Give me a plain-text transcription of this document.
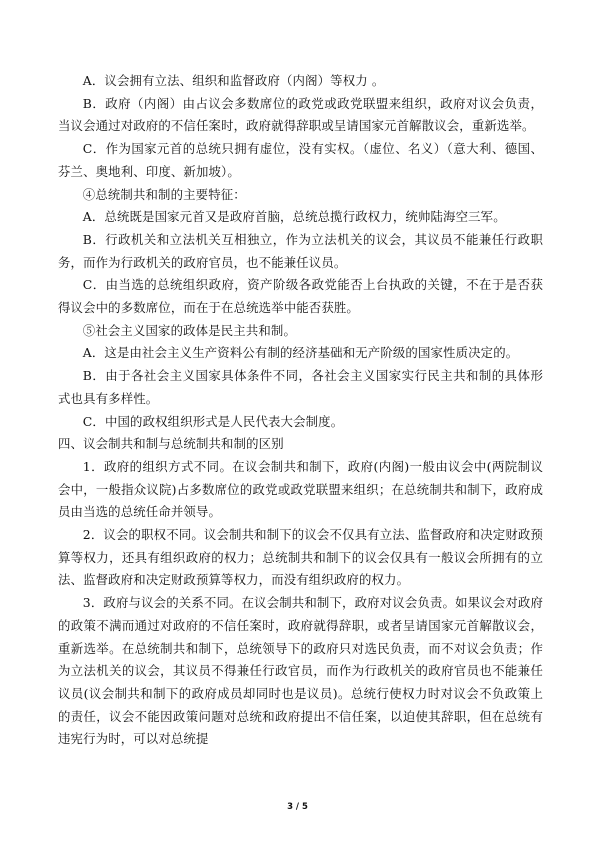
A．议会拥有立法、组织和监督政府（内阁）等权力 。

B．政府（内阁）由占议会多数席位的政党或政党联盟来组织，政府对议会负责，当议会通过对政府的不信任案时，政府就得辞职或呈请国家元首解散议会，重新选举。

C．作为国家元首的总统只拥有虚位，没有实权。（虚位、名义）（意大利、德国、芬兰、奥地利、印度、新加坡）。

④总统制共和制的主要特征：

A．总统既是国家元首又是政府首脑，总统总揽行政权力，统帅陆海空三军。

B．行政机关和立法机关互相独立，作为立法机关的议会，其议员不能兼任行政职务，而作为行政机关的政府官员，也不能兼任议员。

C．由当选的总统组织政府，资产阶级各政党能否上台执政的关键，不在于是否获得议会中的多数席位，而在于在总统选举中能否获胜。

⑤社会主义国家的政体是民主共和制。

A．这是由社会主义生产资料公有制的经济基础和无产阶级的国家性质决定的。

B．由于各社会主义国家具体条件不同，各社会主义国家实行民主共和制的具体形式也具有多样性。

C．中国的政权组织形式是人民代表大会制度。

四、议会制共和制与总统制共和制的区别

1．政府的组织方式不同。在议会制共和制下，政府(内阁)一般由议会中(两院制议会中，一般指众议院)占多数席位的政党或政党联盟来组织；在总统制共和制下，政府成员由当选的总统任命并领导。

2．议会的职权不同。议会制共和制下的议会不仅具有立法、监督政府和决定财政预算等权力，还具有组织政府的权力；总统制共和制下的议会仅具有一般议会所拥有的立法、监督政府和决定财政预算等权力，而没有组织政府的权力。

3．政府与议会的关系不同。在议会制共和制下，政府对议会负责。如果议会对政府的政策不满而通过对政府的不信任案时，政府就得辞职，或者呈请国家元首解散议会，重新选举。在总统制共和制下，总统领导下的政府只对选民负责，而不对议会负责；作为立法机关的议会，其议员不得兼任行政官员，而作为行政机关的政府官员也不能兼任议员(议会制共和制下的政府成员却同时也是议员)。总统行使权力时对议会不负政策上的责任，议会不能因政策问题对总统和政府提出不信任案，以迫使其辞职，但在总统有违宪行为时，可以对总统提

3 / 5
